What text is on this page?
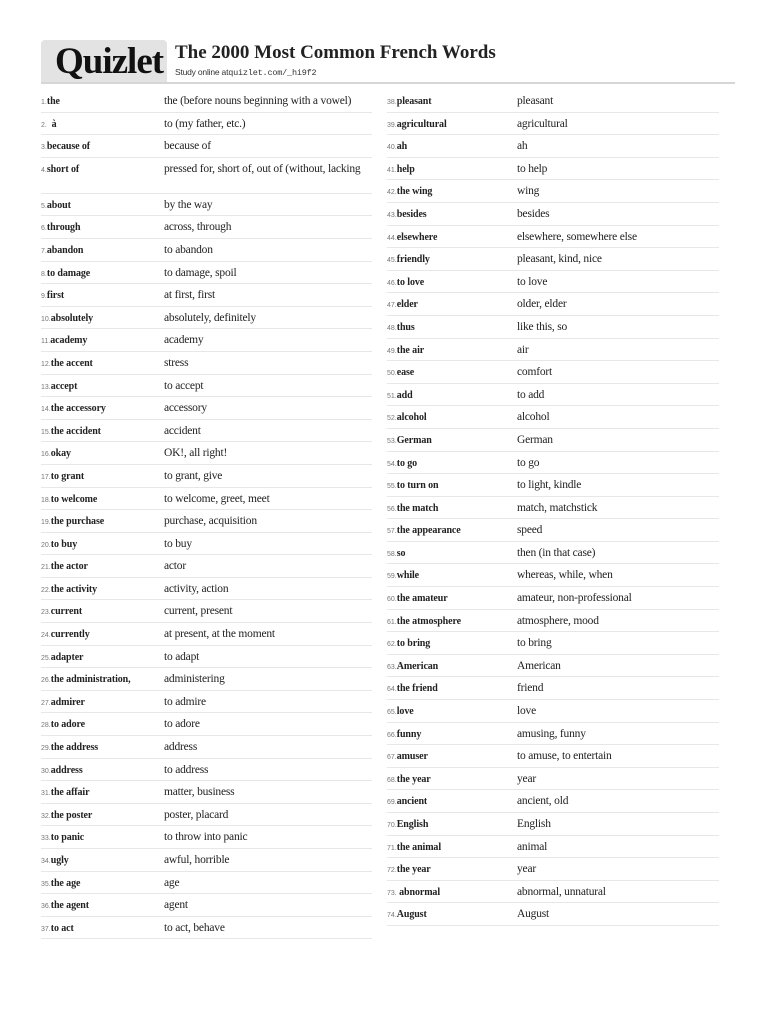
Quizlet The 2000 Most Common French Words
Study online atquizlet.com/_hi9f2
1. the	the (before nouns beginning with a vowel)
2. à	to (my father, etc.)
3. because of	because of
4. short of	pressed for, short of, out of (without, lacking
5. about	by the way
6. through	across, through
7. abandon	to abandon
8. to damage	to damage, spoil
9. first	at first, first
10. absolutely	absolutely, definitely
11. academy	academy
12. the accent	stress
13. accept	to accept
14. the accessory	accessory
15. the accident	accident
16. okay	OK!, all right!
17. to grant	to grant, give
18. to welcome	to welcome, greet, meet
19. the purchase	purchase, acquisition
20. to buy	to buy
21. the actor	actor
22. the activity	activity, action
23. current	current, present
24. currently	at present, at the moment
25. adapter	to adapt
26. the administration,	administering
27. admirer	to admire
28. to adore	to adore
29. the address	address
30. address	to address
31. the affair	matter, business
32. the poster	poster, placard
33. to panic	to throw into panic
34. ugly	awful, horrible
35. the age	age
36. the agent	agent
37. to act	to act, behave
38. pleasant	pleasant
39. agricultural	agricultural
40. ah	ah
41. help	to help
42. the wing	wing
43. besides	besides
44. elsewhere	elsewhere, somewhere else
45. friendly	pleasant, kind, nice
46. to love	to love
47. elder	older, elder
48. thus	like this, so
49. the air	air
50. ease	comfort
51. add	to add
52. alcohol	alcohol
53. German	German
54. to go	to go
55. to turn on	to light, kindle
56. the match	match, matchstick
57. the appearance	speed
58. so	then (in that case)
59. while	whereas, while, when
60. the amateur	amateur, non-professional
61. the atmosphere	atmosphere, mood
62. to bring	to bring
63. American	American
64. the friend	friend
65. love	love
66. funny	amusing, funny
67. amuser	to amuse, to entertain
68. the year	year
69. ancient	ancient, old
70. English	English
71. the animal	animal
72. the year	year
73. abnormal	abnormal, unnatural
74. August	August
